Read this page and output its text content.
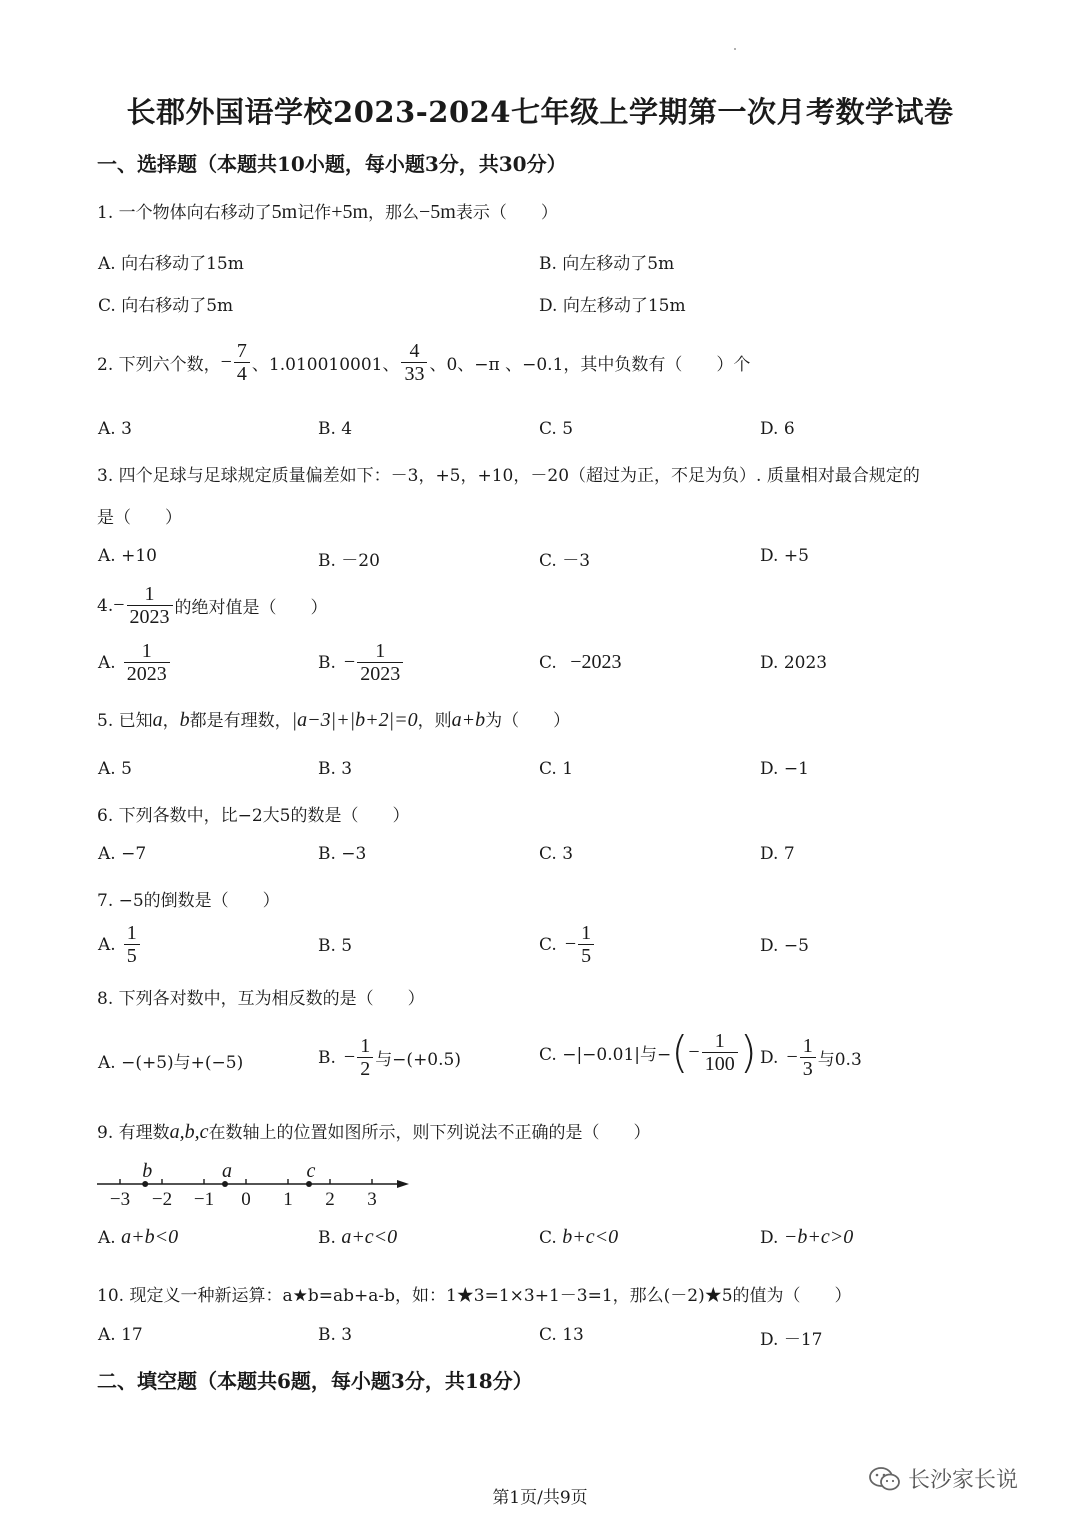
长郡外国语学校2023-2024七年级上学期第一次月考数学试卷
一、选择题（本题共10小题，每小题3分，共30分）
1. 一个物体向右移动了5m记作+5m，那么−5m表示（　　）
A. 向右移动了15m	B. 向左移动了5m
C. 向右移动了5m	D. 向左移动了15m
2. 下列六个数， − $\frac{7}{4}$ 、1.010010001、 $\frac{4}{33}$ 、0、−π 、−0.1，其中负数有（　　）个
A. 3	B. 4	C. 5	D. 6
3. 四个足球与足球规定质量偏差如下：－3，+5，+10，－20（超过为正，不足为负）. 质量相对最合规定的
是（　　）
A. +10	B. －20	C. －3	D. +5
4. − $\frac{1}{2023}$ 的绝对值是（　　）
A. $\frac{1}{2023}$	B. − $\frac{1}{2023}$	C. −2023	D. 2023
5. 已知a，b都是有理数，|a−3|+|b+2|=0，则a+b为（　　）
A. 5	B. 3	C. 1	D. −1
6. 下列各数中，比−2大5的数是（　　）
A. −7	B. −3	C. 3	D. 7
7. −5的倒数是（　　）
A. $\frac{1}{5}$	B. 5	C. − $\frac{1}{5}$	D. −5
8. 下列各对数中，互为相反数的是（　　）
A. −(+5)与+(−5)	B. − $\frac{1}{2}$ 与−(+0.5)	C. −|−0.01|与− ( − $\frac{1}{100}$ ) D. − $\frac{1}{3}$ 与0.3
9. 有理数a,b,c在数轴上的位置如图所示，则下列说法不正确的是（　　）
−3 −2 −1 0 1 2 3
b	a	c
A. a+b<0	B. a+c<0	C. b+c<0	D. −b+c>0
10. 现定义一种新运算：a★b=ab+a-b，如：1★3=1×3+1－3=1，那么(－2)★5的值为（　　）
A. 17	B. 3	C. 13	D. －17
二、填空题（本题共6题，每小题3分，共18分）
第1页/共9页
长沙家长说
